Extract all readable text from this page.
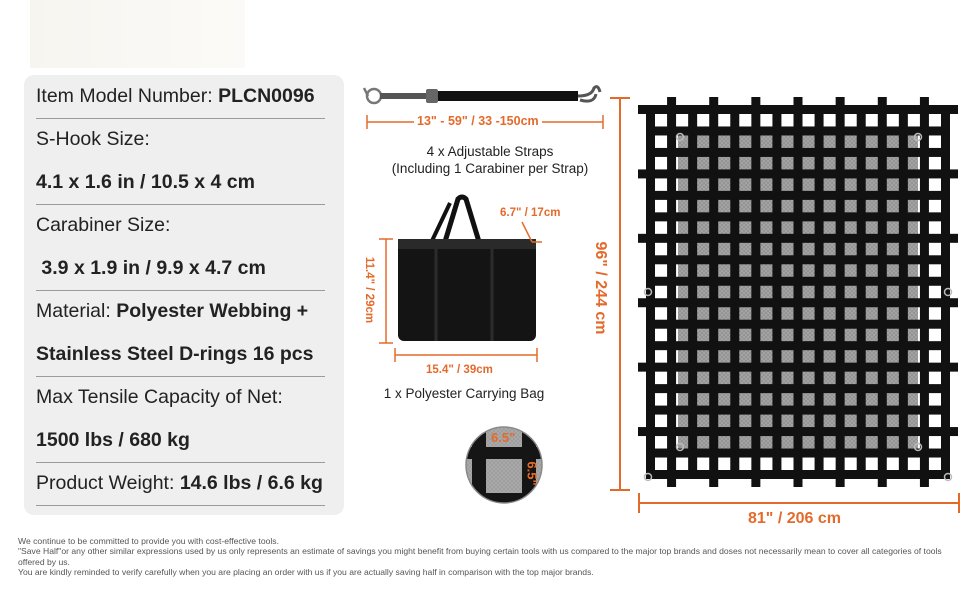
Item Model Number:
PLCN0096
S-Hook Size:
4.1 x 1.6 in / 10.5 x 4 cm
Carabiner Size:

3.9 x 1.9 in / 9.9 x 4.7 cm
Material:
Polyester Webbing +
Stainless Steel D-rings 16 pcs
Max Tensile Capacity of Net:
1500 lbs / 680 kg
Product Weight:
14.6 lbs / 6.6 kg
13" - 59" / 33 -150cm
4 x Adjustable Straps
(Including 1 Carabiner per Strap)
6.7" / 17cm
11.4" / 29cm
15.4" / 39cm
1 x Polyester Carrying Bag
6.5"
6.5"
96" / 244 cm
81" / 206 cm
We continue to be committed to provide you with cost-effective tools.
"Save Half"or any other similar expressions used by us only represents an estimate of savings you might benefit from buying certain tools with us compared to the major top brands and doses not necessarily mean to cover all categories of tools offered by us.
You are kindly reminded to verify carefully when you are placing an order with us if you are actually saving half in comparison with the top major brands.
